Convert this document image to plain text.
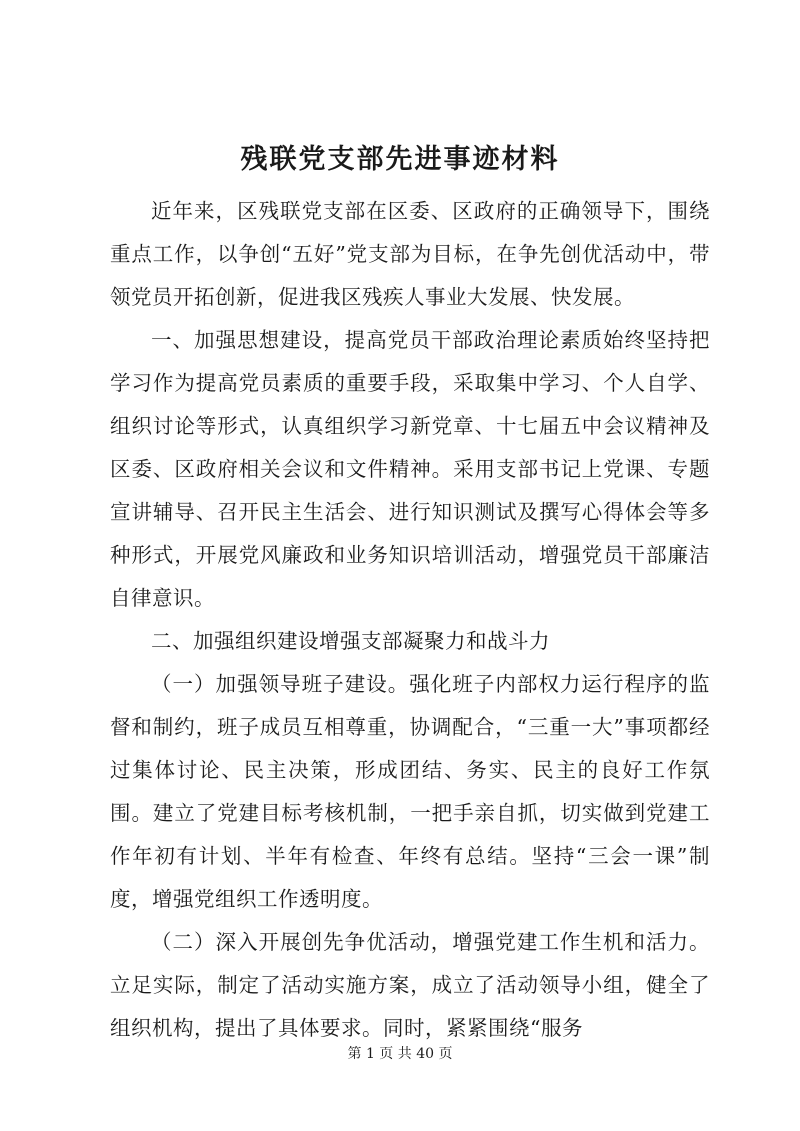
残联党支部先进事迹材料

近年来，区残联党支部在区委、区政府的正确领导下，围绕重点工作，以争创“五好”党支部为目标，在争先创优活动中，带领党员开拓创新，促进我区残疾人事业大发展、快发展。

一、加强思想建设，提高党员干部政治理论素质始终坚持把学习作为提高党员素质的重要手段，采取集中学习、个人自学、组织讨论等形式，认真组织学习新党章、十七届五中会议精神及区委、区政府相关会议和文件精神。采用支部书记上党课、专题宣讲辅导、召开民主生活会、进行知识测试及撰写心得体会等多种形式，开展党风廉政和业务知识培训活动，增强党员干部廉洁自律意识。

二、加强组织建设增强支部凝聚力和战斗力

（一）加强领导班子建设。强化班子内部权力运行程序的监督和制约，班子成员互相尊重，协调配合，“三重一大”事项都经过集体讨论、民主决策，形成团结、务实、民主的良好工作氛围。建立了党建目标考核机制，一把手亲自抓，切实做到党建工作年初有计划、半年有检查、年终有总结。坚持“三会一课”制度，增强党组织工作透明度。

（二）深入开展创先争优活动，增强党建工作生机和活力。立足实际，制定了活动实施方案，成立了活动领导小组，健全了组织机构，提出了具体要求。同时，紧紧围绕“服务

第 1 页 共 40 页
